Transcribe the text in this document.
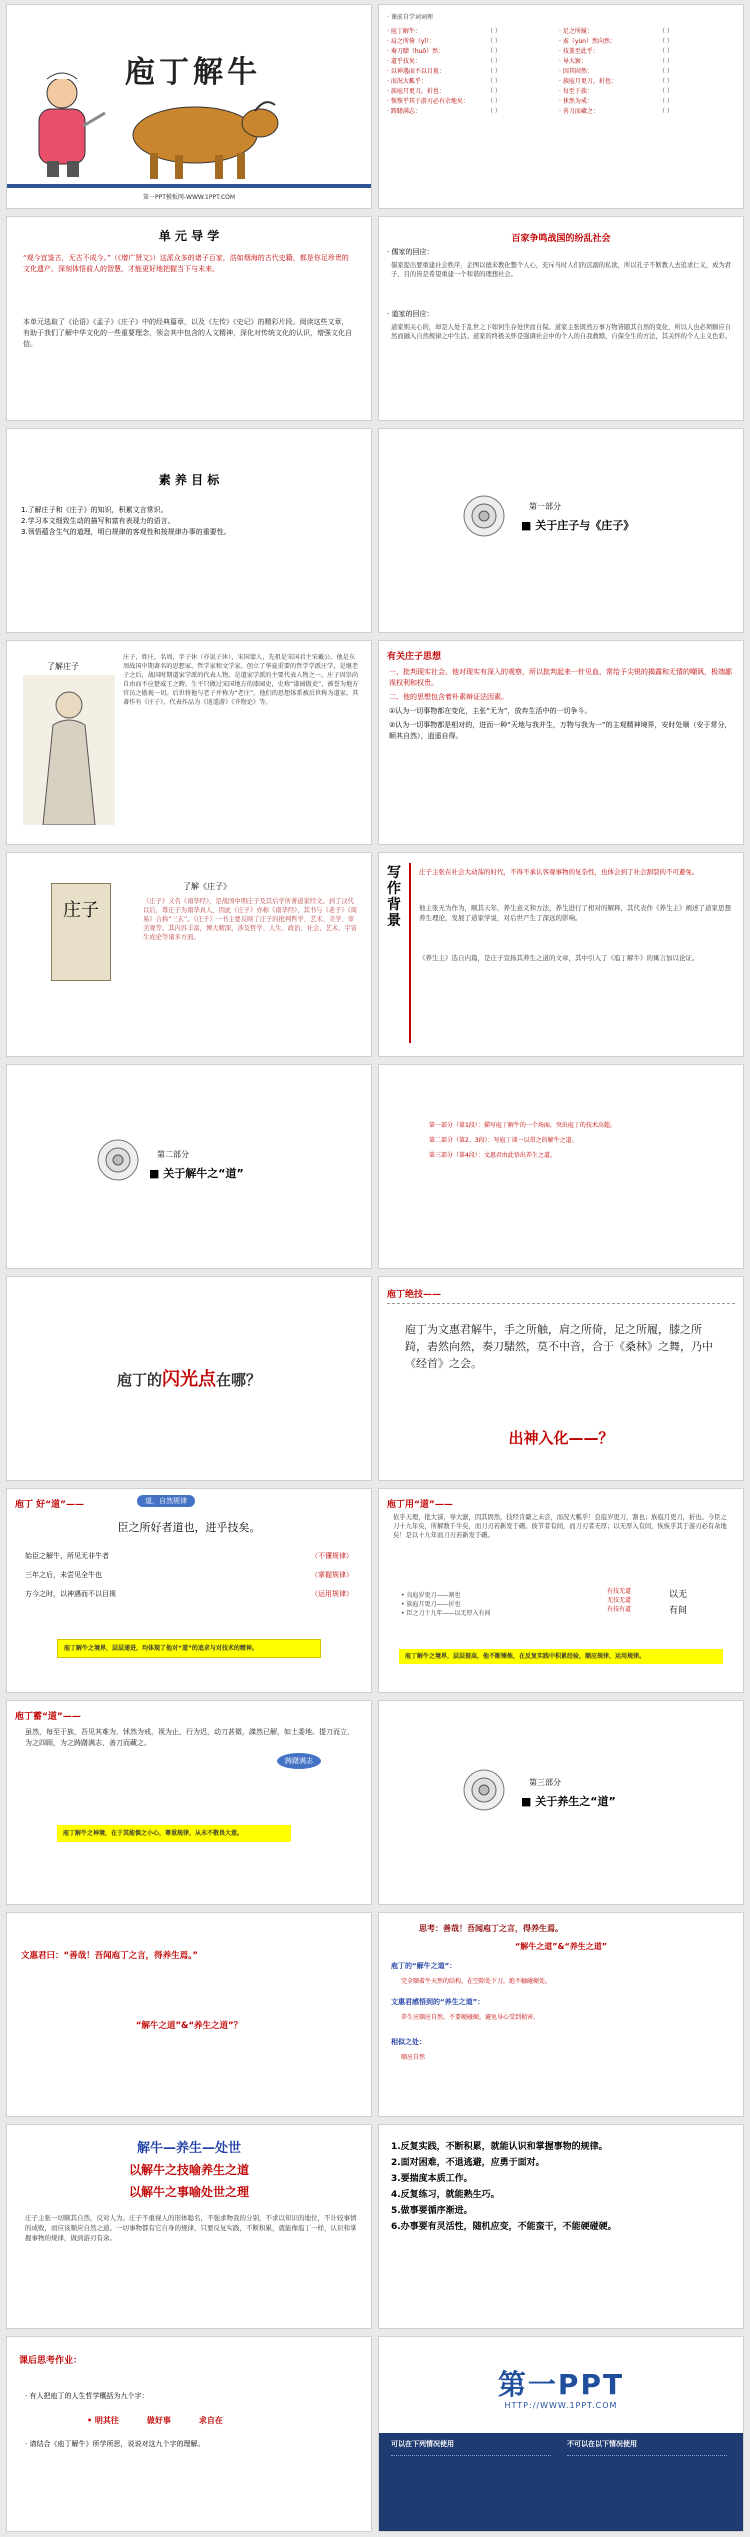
庖丁解牛
第一PPT模板网-WWW.1PPT.COM
· 课前自学词词理
· 庖丁解牛：	（ ）	· 足之所履：	（ ）
· 肩之所倚（yǐ）：	（ ）	· 盍（yùn）然向然：	（ ）
· 奏刀騞（huō）然：	（ ）	· 技盖至此乎：	（ ）
· 道乎技矣：	（ ）	· 导大窾：	（ ）
· 以神遇而不以目视：	（ ）	· 因其固然：	（ ）
· 而况大軱乎：	（ ）	· 族庖月更刀，折也：	（ ）
· 族庖月更刀，折也：	（ ）	· 每至于族：	（ ）
· 恢恢乎其于游刃必有余地矣：	（ ）	· 怵然为戒：	（ ）
· 踌躇满志：	（ ）	· 善刀而藏之：	（ ）
单 元 导 学
“观今宜鉴古，无古不成今。”（《增广贤文》）这派众多的诸子百家，浩如烟海的古代史籍，都是你足珍贵的文化遗产。深刻体悟前人的智慧，才能更好地把握当下与未来。
本单元选取了《论语》《孟子》《庄子》中的经典篇章，以及《左传》《史记》的精彩片段。阅读这些文章，有助于我们了解中华文化的一些重要理念，领会其中包含的人文精神，深化对传统文化的认识，增强文化自信。
百家争鸣战国的纷乱社会
· 儒家的回应：
儒家提出要重建社会秩序，企图以德来教化整个人心，充斥当时人们的沉溺的私欲，所以孔子不断教人去追求仁义，成为君子，目的皆是希望重建一个和谐的理想社会。
· 道家的回应：
道家则关心的，却是人处于乱世之下如何生存处世而自保。道家主张既然万事万物皆随其自然的变化，所以人也必须顺应自然而融入自然规律之中生活。道家的终极关怀是强调社会中的个人的自我救赎、自保全生的方法，其关怀的个人主义色彩。
素 养 目 标
1.了解庄子和《庄子》的知识，积累文言常识。
2.学习本文细致生动的描写和富有表现力的语言。
3.领悟蕴含生气的道理，明白规律的客观性和按规律办事的重要性。
第一部分
■ 关于庄子与《庄子》
了解庄子
庄子，姓庄，名周，字子休（亦说子沐），宋国蒙人，先祖是宋国君主宋戴公。他是东周战国中期著名的思想家、哲学家和文学家。创立了华夏重要的哲学学派庄学，是继老子之后，战国时期道家学派的代表人物，是道家学派的主要代表人物之一。庄子因崇尚自由而不应楚威王之聘，生平只做过宋国地方的漆园吏，史称“漆园傲吏”，被誉为地方官员之傲视一切。后世将他与老子并称为“老庄”，他们的思想体系被后世称为道家。其著作有《庄子》，代表作品为《逍遥游》《齐物论》等。
有关庄子思想
一、批判现实社会。他对现实有深入的观察，所以批判起来一针见血，常给予尖锐的揭露和无情的嘲讽，极端鄙视权利和权贵。
二、他的思想包含着朴素辩证法因素。
①认为一切事物都在变化，主张“无为”，放弃生活中的一切争斗。
②认为一切事物都是相对的，进而一种“天地与我并生，万物与我为一”的主观精神境界，安时处顺（安于常分，顺其自然），逍遥自得。
了解《庄子》
庄子	《庄子》又名《南华经》，是战国中期庄子及其后学所著道家经文。到了汉代以后，尊庄子为南华真人，因此《庄子》亦称《南华经》，其书与《老子》《周易》合称“三玄”。《庄子》一书主要反映了庄子的批判哲学、艺术、美学、审美观等。其内容丰富，博大精深，涉及哲学、人生、政治、社会、艺术、宇宙生成论等诸多方面。
写作背景
庄子主张在社会大动荡的时代，不得不承认客观事物的复杂性，也体会到了社会割裂的不可避免。
他主张无为作为，顺其天年，养生意义和方法，养生进行了相对的解释，其代表作《养生主》阐述了道家思想养生理论，发展了道家学说，对后世产生了深远的影响。
《养生主》选自内篇，是庄子宣扬其养生之道的文章，其中引入了《庖丁解牛》的寓言加以论证。
第二部分
■ 关于解牛之“道”
第一部分（第1段）：描写庖丁解牛的一个场面，突出庖丁的技术高超。
第二部分（第2、3段）：写庖丁谈一以贯之的解牛之道。
第三部分（第4段）：文惠君由此悟出养生之道。
庖丁的闪光点在哪？
庖丁绝技——
庖丁为文惠君解牛，手之所触，肩之所倚，足之所履，膝之所踦，砉然向然，奏刀騞然，莫不中音，合于《桑林》之舞，乃中《经首》之会。
出神入化——？
庖丁 好“道”——	道，自然规律
臣之所好者道也，进乎技矣。
始臣之解牛，所见无非牛者	（不懂规律）
三年之后，未尝见全牛也	（掌握规律）
方今之时，以神遇而不以目视	（运用规律）
庖丁解牛之境界，层层递进，均体现了他对“道”的追求与对技术的精神。
庖丁用“道”——
依乎天理，批大郤，导大窾，因其固然，技经肯綮之未尝，而况大軱乎！良庖岁更刀，割也；族庖月更刀，折也。今臣之刀十九年矣，所解数千牛矣，而刀刃若新发于硎。彼节者有间，而刀刃者无厚；以无厚入有间，恢恢乎其于游刃必有余地矣！是以十九年而刀刃若新发于硎。
• 良庖岁更刀——割也
• 族庖月更刀——折也
• 臣之刀十九年——以无厚入有间
有技无道
无技无道
有技有道
以无
有间
庖丁解牛之境界，层层提高，他不断锤炼，在反复实践中积累经验，顺应规律，运用规律。
庖丁蓄“道”——
虽然，每至于族，吾见其难为，怵然为戒，视为止，行为迟，动刀甚微，謋然已解，如土委地。提刀而立，为之四顾，为之踌躇满志，善刀而藏之。
踌躇满志
庖丁解牛之神境，在于其能慎之小心，尊重规律，从未不敬畏大意。
第三部分
■ 关于养生之“道”
文惠君曰：“善哉！吾闻庖丁之言，得养生焉。”
“解牛之道”&“养生之道”？
思考：善哉！吾闻庖丁之言，得养生焉。
“解牛之道”&“养生之道”
庖丁的“解牛之道”：
完全顺着牛天然的结构，在空隙处下刀，绝不触碰硬处。
文惠君感悟到的“养生之道”：
养生应顺应自然，不要硬碰硬，避免身心受到损害。
相似之处：
顺应自然
解牛—养生—处世
以解牛之技喻养生之道
以解牛之事喻处世之理
庄子主张一切顺其自然，反对人为。庄子不重视人的形体聪名，不强求物我的分别，不求以知识的地位，不计较事情的成败，而应该顺应自然之道。一切事物都有它自身的规律，只要反复实践，不断积累，就能像庖丁一样，认识和掌握事物的规律，做到游刃有余。
1.反复实践，不断积累，就能认识和掌握事物的规律。
2.面对困难，不退逃避，应勇于面对。
3.要揣度本质工作。
4.反复练习，就能熟生巧。
5.做事要循序渐进。
6.办事要有灵活性，随机应变，不能蛮干，不能硬碰硬。
课后思考作业：
· 有人把庖丁的人生哲学概括为九个字：
• 明其往	做好事	求自在
· 请结合《庖丁解牛》所学所思，说说对这九个字的理解。
第一PPT
HTTP://WWW.1PPT.COM
可以在下列情况使用	不可以在以下情况使用
